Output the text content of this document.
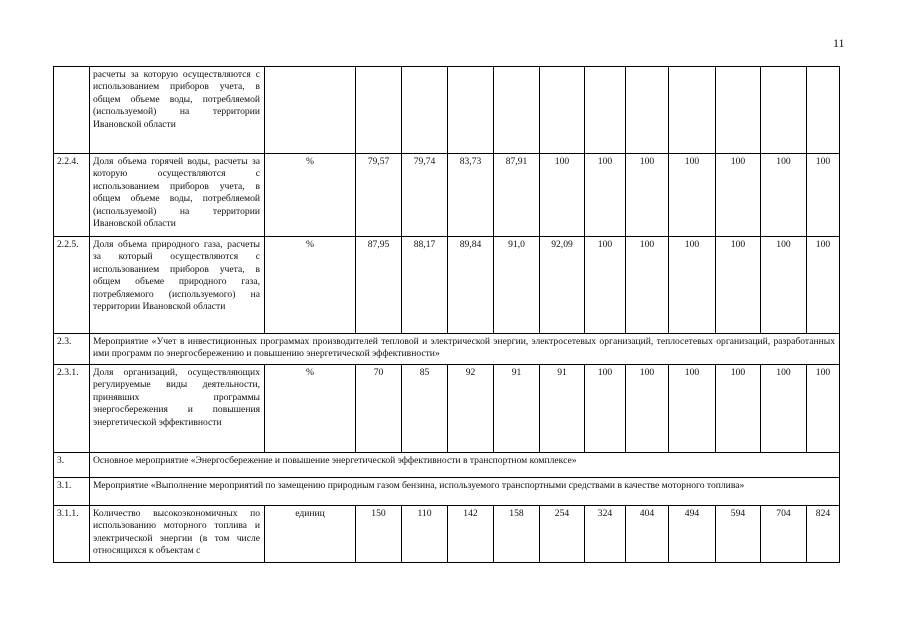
11
	расчеты за которую осуществляются с использованием приборов учета, в общем объеме воды, потребляемой (используемой) на территории Ивановской области												
2.2.4.	Доля объема горячей воды, расчеты за которую осуществляются с использованием приборов учета, в общем объеме воды, потребляемой (используемой) на территории Ивановской области	%	79,57	79,74	83,73	87,91	100	100	100	100	100	100	100
2.2.5.	Доля объема природного газа, расчеты за который осуществляются с использованием приборов учета, в общем объеме природного газа, потребляемого (используемого) на территории Ивановской области	%	87,95	88,17	89,84	91,0	92,09	100	100	100	100	100	100
2.3.	Мероприятие «Учет в инвестиционных программах производителей тепловой и электрической энергии, электросетевых организаций, теплосетевых организаций, разработанных ими программ по энергосбережению и повышению энергетической эффективности»												
2.3.1.	Доля организаций, осуществляющих регулируемые виды деятельности, принявших программы энергосбережения и повышения энергетической эффективности	%	70	85	92	91	91	100	100	100	100	100	100
3.	Основное мероприятие «Энергосбережение и повышение энергетической эффективности в транспортном комплексе»												
3.1.	Мероприятие «Выполнение мероприятий по замещению природным газом бензина, используемого транспортными средствами в качестве моторного топлива»												
3.1.1.	Количество высокоэкономичных по использованию моторного топлива и электрической энергии (в том числе относящихся к объектам с	единиц	150	110	142	158	254	324	404	494	594	704	824
